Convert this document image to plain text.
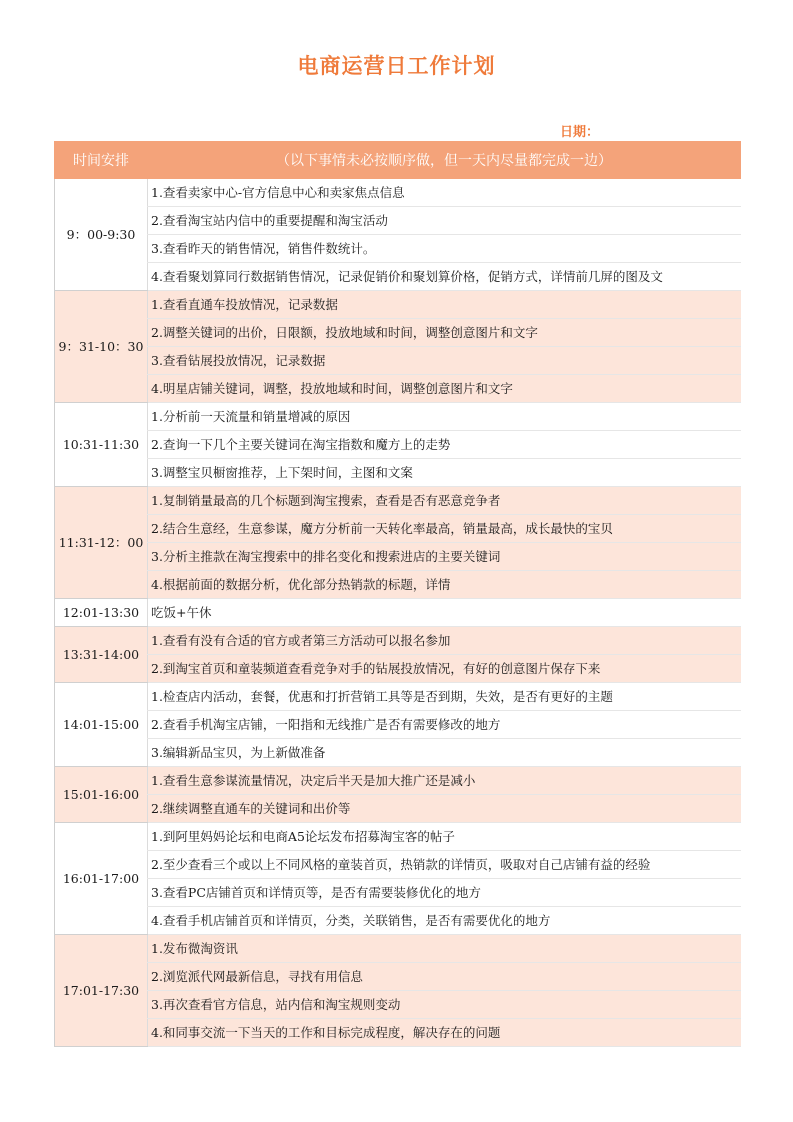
电商运营日工作计划
日期：
时间安排	（以下事情未必按顺序做，但一天内尽量都完成一边）
9：00-9:30	1.查看卖家中心-官方信息中心和卖家焦点信息
	2.查看淘宝站内信中的重要提醒和淘宝活动
	3.查看昨天的销售情况，销售件数统计。
	4.查看聚划算同行数据销售情况，记录促销价和聚划算价格，促销方式，详情前几屏的图及文
9：31-10：30	1.查看直通车投放情况，记录数据
	2.调整关键词的出价，日限额，投放地域和时间，调整创意图片和文字
	3.查看钻展投放情况，记录数据
	4.明星店铺关键词，调整，投放地域和时间，调整创意图片和文字
10:31-11:30	1.分析前一天流量和销量增减的原因
	2.查询一下几个主要关键词在淘宝指数和魔方上的走势
	3.调整宝贝橱窗推荐，上下架时间，主图和文案
11:31-12：00	1.复制销量最高的几个标题到淘宝搜索，查看是否有恶意竞争者
	2.结合生意经，生意参谋，魔方分析前一天转化率最高，销量最高，成长最快的宝贝
	3.分析主推款在淘宝搜索中的排名变化和搜索进店的主要关键词
	4.根据前面的数据分析，优化部分热销款的标题，详情
12:01-13:30	吃饭+午休
13:31-14:00	1.查看有没有合适的官方或者第三方活动可以报名参加
	2.到淘宝首页和童装频道查看竞争对手的钻展投放情况，有好的创意图片保存下来
14:01-15:00	1.检查店内活动，套餐，优惠和打折营销工具等是否到期，失效，是否有更好的主题
	2.查看手机淘宝店铺，一阳指和无线推广是否有需要修改的地方
	3.编辑新品宝贝，为上新做准备
15:01-16:00	1.查看生意参谋流量情况，决定后半天是加大推广还是减小
	2.继续调整直通车的关键词和出价等
16:01-17:00	1.到阿里妈妈论坛和电商A5论坛发布招募淘宝客的帖子
	2.至少查看三个或以上不同风格的童装首页，热销款的详情页，吸取对自己店铺有益的经验
	3.查看PC店铺首页和详情页等，是否有需要装修优化的地方
	4.查看手机店铺首页和详情页，分类，关联销售，是否有需要优化的地方
17:01-17:30	1.发布微淘资讯
	2.浏览派代网最新信息，寻找有用信息
	3.再次查看官方信息，站内信和淘宝规则变动
	4.和同事交流一下当天的工作和目标完成程度，解决存在的问题
